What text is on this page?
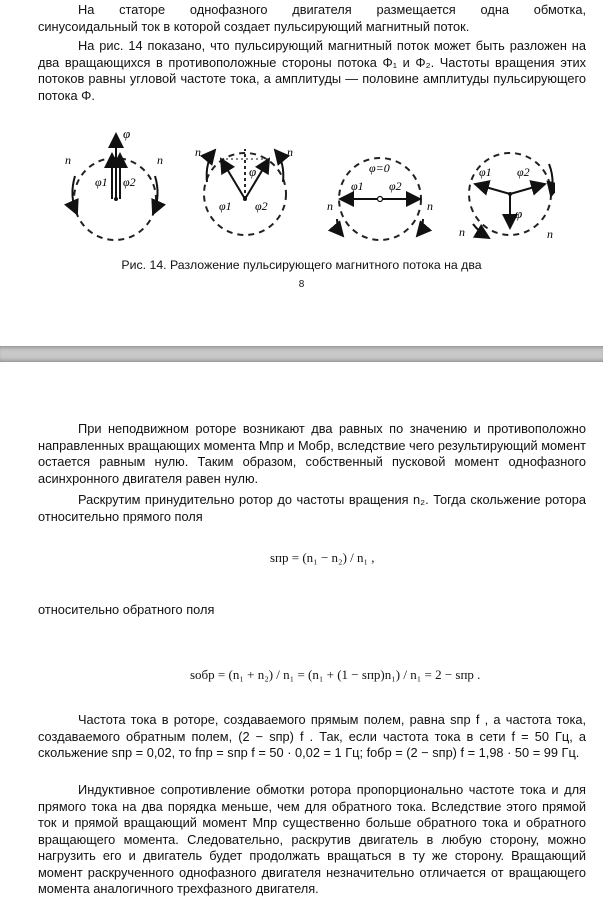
На статоре однофазного двигателя размещается одна обмотка,
синусоидальный ток в которой создает пульсирующий магнитный поток.

На рис. 14 показано, что пульсирующий магнитный поток может быть разложен на два вращающихся в противоположные стороны потока Φ₁ и Φ₂. Частоты вращения этих потоков равны угловой частоте тока, а амплитуды — половине амплитуды пульсирующего потока Φ.

φ
φ1 φ2
n	n
φ
φ1 φ2
n	n
φ=0
φ1 φ2
n	n
φ1 φ2
φ
n	n
Рис. 14. Разложение пульсирующего магнитного потока на два
8

При неподвижном роторе возникают два равных по значению и противоположно направленных вращающих момента Mпр и Mобр, вследствие чего результирующий момент остается равным нулю. Таким образом, собственный пусковой момент однофазного асинхронного двигателя равен нулю.

Раскрутим принудительно ротор до частоты вращения n₂. Тогда скольжение ротора относительно прямого поля

sпр = (n₁ − n₂) / n₁ ,

относительно обратного поля

sобр = (n₁ + n₂) / n₁ = (n₁ + (1 − sпр)n₁) / n₁ = 2 − sпр .

Частота тока в роторе, создаваемого прямым полем, равна sпр f , а частота тока, создаваемого обратным полем, (2 − sпр) f . Так, если частота тока в сети f = 50 Гц, а скольжение sпр = 0,02, то fпр = sпр f = 50 · 0,02 = 1 Гц; fобр = (2 − sпр) f = 1,98 · 50 = 99 Гц.

Индуктивное сопротивление обмотки ротора пропорционально частоте тока и для прямого тока на два порядка меньше, чем для обратного тока. Вследствие этого прямой ток и прямой вращающий момент Mпр существенно больше обратного тока и обратного вращающего момента. Следовательно, раскрутив двигатель в любую сторону, можно нагрузить его и двигатель будет продолжать вращаться в ту же сторону. Вращающий момент раскрученного однофазного двигателя незначительно отличается от вращающего момента аналогичного трехфазного двигателя.
